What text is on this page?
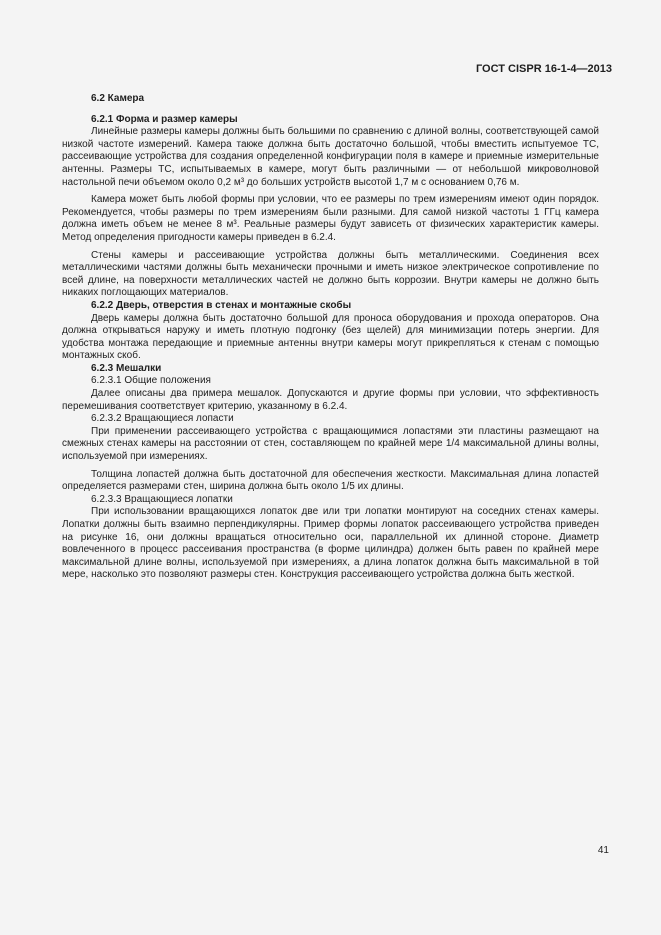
ГОСТ CISPR 16-1-4—2013

6.2 Камера

6.2.1 Форма и размер камеры

Линейные размеры камеры должны быть большими по сравнению с длиной волны, соответствующей самой низкой частоте измерений. Камера также должна быть достаточно большой, чтобы вместить испытуемое ТС, рассеивающие устройства для создания определенной конфигурации поля в камере и приемные измерительные антенны. Размеры ТС, испытываемых в камере, могут быть различными — от небольшой микроволновой настольной печи объемом около 0,2 м³ до больших устройств высотой 1,7 м с основанием 0,76 м.

Камера может быть любой формы при условии, что ее размеры по трем измерениям имеют один порядок. Рекомендуется, чтобы размеры по трем измерениям были разными. Для самой низкой частоты 1 ГГц камера должна иметь объем не менее 8 м³. Реальные размеры будут зависеть от физических характеристик камеры. Метод определения пригодности камеры приведен в 6.2.4.

Стены камеры и рассеивающие устройства должны быть металлическими. Соединения всех металлическими частями должны быть механически прочными и иметь низкое электрическое сопротивление по всей длине, на поверхности металлических частей не должно быть коррозии. Внутри камеры не должно быть никаких поглощающих материалов.

6.2.2 Дверь, отверстия в стенах и монтажные скобы

Дверь камеры должна быть достаточно большой для проноса оборудования и прохода операторов. Она должна открываться наружу и иметь плотную подгонку (без щелей) для минимизации потерь энергии. Для удобства монтажа передающие и приемные антенны внутри камеры могут прикрепляться к стенам с помощью монтажных скоб.

6.2.3 Мешалки

6.2.3.1 Общие положения

Далее описаны два примера мешалок. Допускаются и другие формы при условии, что эффективность перемешивания соответствует критерию, указанному в 6.2.4.

6.2.3.2 Вращающиеся лопасти

При применении рассеивающего устройства с вращающимися лопастями эти пластины размещают на смежных стенах камеры на расстоянии от стен, составляющем по крайней мере 1/4 максимальной длины волны, используемой при измерениях.

Толщина лопастей должна быть достаточной для обеспечения жесткости. Максимальная длина лопастей определяется размерами стен, ширина должна быть около 1/5 их длины.

6.2.3.3 Вращающиеся лопатки

При использовании вращающихся лопаток две или три лопатки монтируют на соседних стенах камеры. Лопатки должны быть взаимно перпендикулярны. Пример формы лопаток рассеивающего устройства приведен на рисунке 16, они должны вращаться относительно оси, параллельной их длинной стороне. Диаметр вовлеченного в процесс рассеивания пространства (в форме цилиндра) должен быть равен по крайней мере максимальной длине волны, используемой при измерениях, а длина лопаток должна быть максимальной в той мере, насколько это позволяют размеры стен. Конструкция рассеивающего устройства должна быть жесткой.

41
